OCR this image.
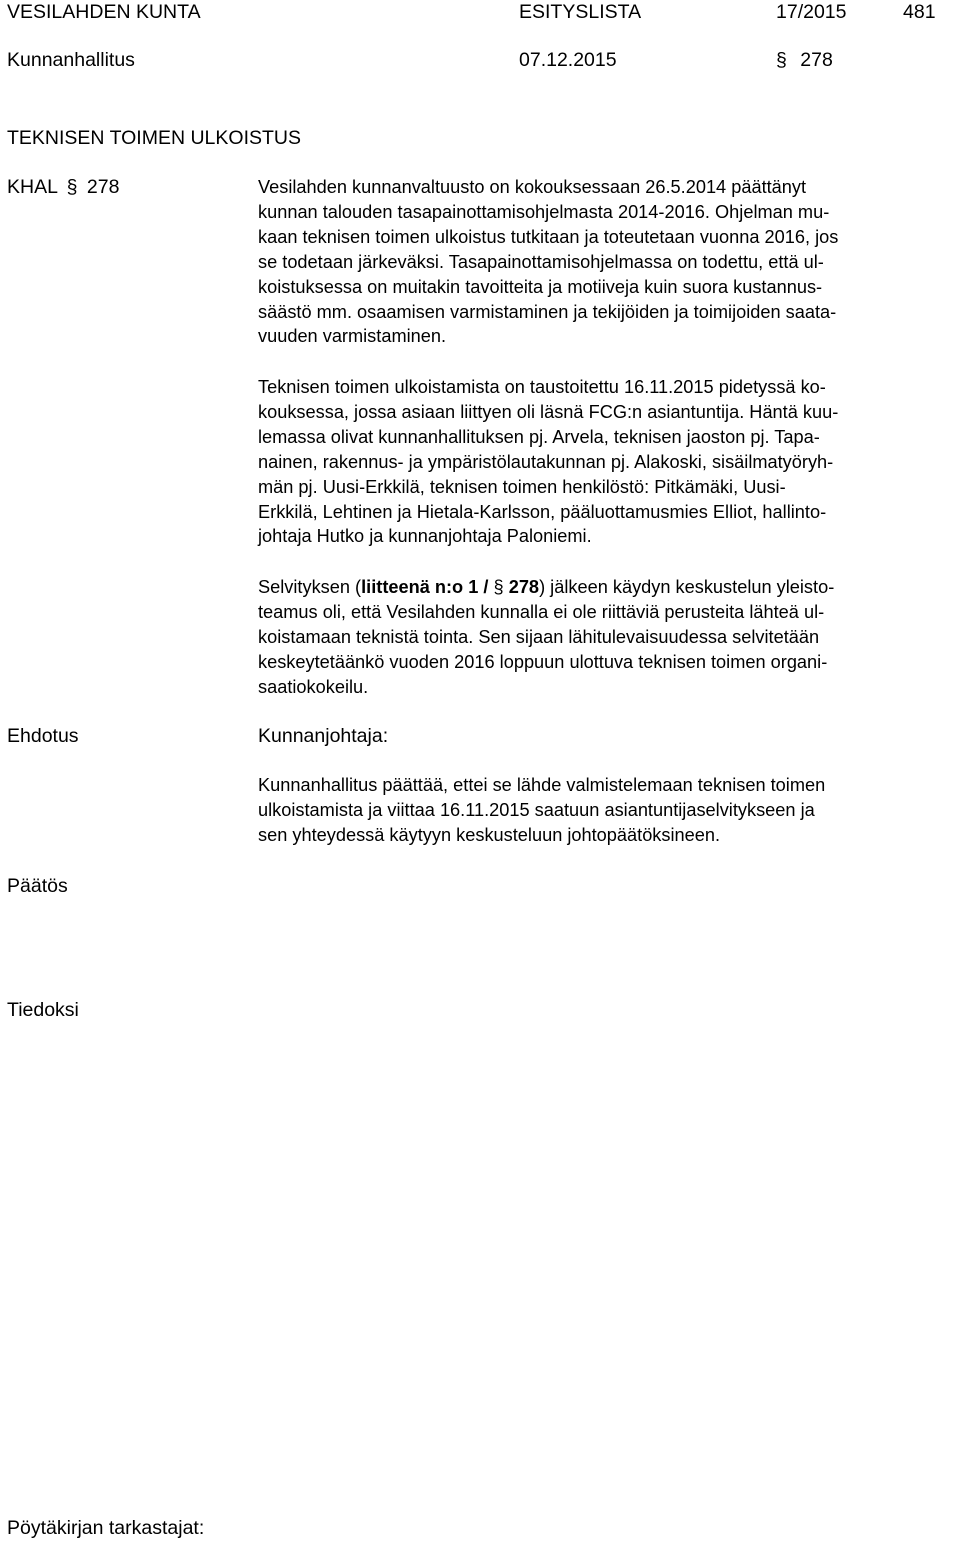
VESILAHDEN KUNTA	ESITYSLISTA	17/2015	481
Kunnanhallitus	07.12.2015	§ 278
TEKNISEN TOIMEN ULKOISTUS
KHAL § 278	Vesilahden kunnanvaltuusto on kokouksessaan 26.5.2014 päättänyt
kunnan talouden tasapainottamisohjelmasta 2014-2016. Ohjelman mu-
kaan teknisen toimen ulkoistus tutkitaan ja toteutetaan vuonna 2016, jos
se todetaan järkeväksi. Tasapainottamisohjelmassa on todettu, että ul-
koistuksessa on muitakin tavoitteita ja motiiveja kuin suora kustannus-
säästö mm. osaamisen varmistaminen ja tekijöiden ja toimijoiden saata-
vuuden varmistaminen.
Teknisen toimen ulkoistamista on taustoitettu 16.11.2015 pidetyssä ko-
kouksessa, jossa asiaan liittyen oli läsnä FCG:n asiantuntija. Häntä kuu-
lemassa olivat kunnanhallituksen pj. Arvela, teknisen jaoston pj. Tapa-
nainen, rakennus- ja ympäristölautakunnan pj. Alakoski, sisäilmatyöryh-
män pj. Uusi-Erkkilä, teknisen toimen henkilöstö: Pitkämäki, Uusi-
Erkkilä, Lehtinen ja Hietala-Karlsson, pääluottamusmies Elliot, hallinto-
johtaja Hutko ja kunnanjohtaja Paloniemi.
Selvityksen (liitteenä n:o 1 / § 278) jälkeen käydyn keskustelun yleisto-
teamus oli, että Vesilahden kunnalla ei ole riittäviä perusteita lähteä ul-
koistamaan teknistä tointa. Sen sijaan lähitulevaisuudessa selvitetään
keskeytetäänkö vuoden 2016 loppuun ulottuva teknisen toimen organi-
saatiokokeilu.
Ehdotus	Kunnanjohtaja:
Kunnanhallitus päättää, ettei se lähde valmistelemaan teknisen toimen
ulkoistamista ja viittaa 16.11.2015 saatuun asiantuntijaselvitykseen ja
sen yhteydessä käytyyn keskusteluun johtopäätöksineen.
Päätös
Tiedoksi
Pöytäkirjan tarkastajat:
